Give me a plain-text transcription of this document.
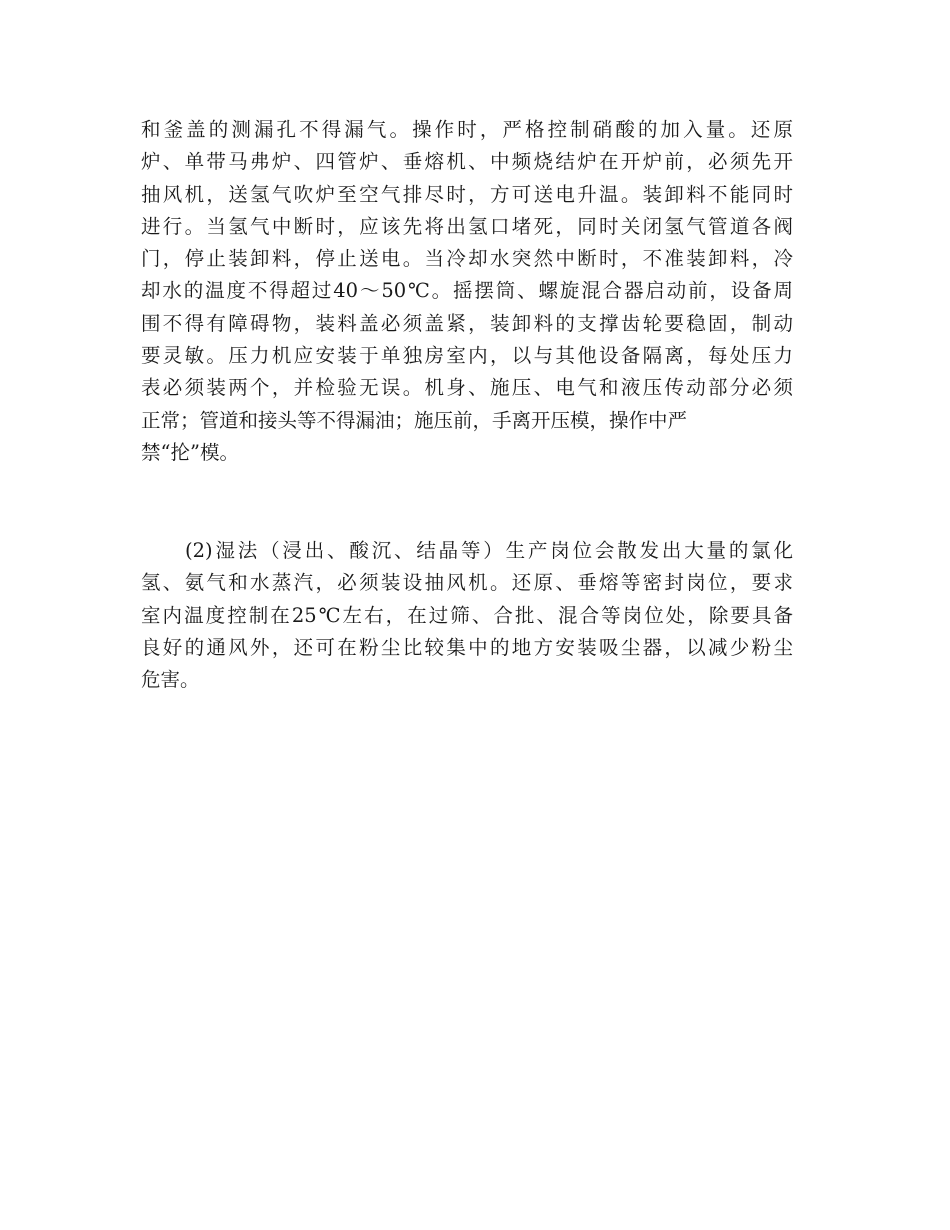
和釜盖的测漏孔不得漏气。操作时，严格控制硝酸的加入量。还原
炉、单带马弗炉、四管炉、垂熔机、中频烧结炉在开炉前，必须先开
抽风机，送氢气吹炉至空气排尽时，方可送电升温。装卸料不能同时
进行。当氢气中断时，应该先将出氢口堵死，同时关闭氢气管道各阀
门，停止装卸料，停止送电。当冷却水突然中断时，不准装卸料，冷
却水的温度不得超过40～50℃。摇摆筒、螺旋混合器启动前，设备周
围不得有障碍物，装料盖必须盖紧，装卸料的支撑齿轮要稳固，制动
要灵敏。压力机应安装于单独房室内，以与其他设备隔离，每处压力
表必须装两个，并检验无误。机身、施压、电气和液压传动部分必须
正常；管道和接头等不得漏油；施压前，手离开压模，操作中严
禁“抡”模。
(2)湿法（浸出、酸沉、结晶等）生产岗位会散发出大量的氯化
氢、氨气和水蒸汽，必须装设抽风机。还原、垂熔等密封岗位，要求
室内温度控制在25℃左右，在过筛、合批、混合等岗位处，除要具备
良好的通风外，还可在粉尘比较集中的地方安装吸尘器，以减少粉尘
危害。
